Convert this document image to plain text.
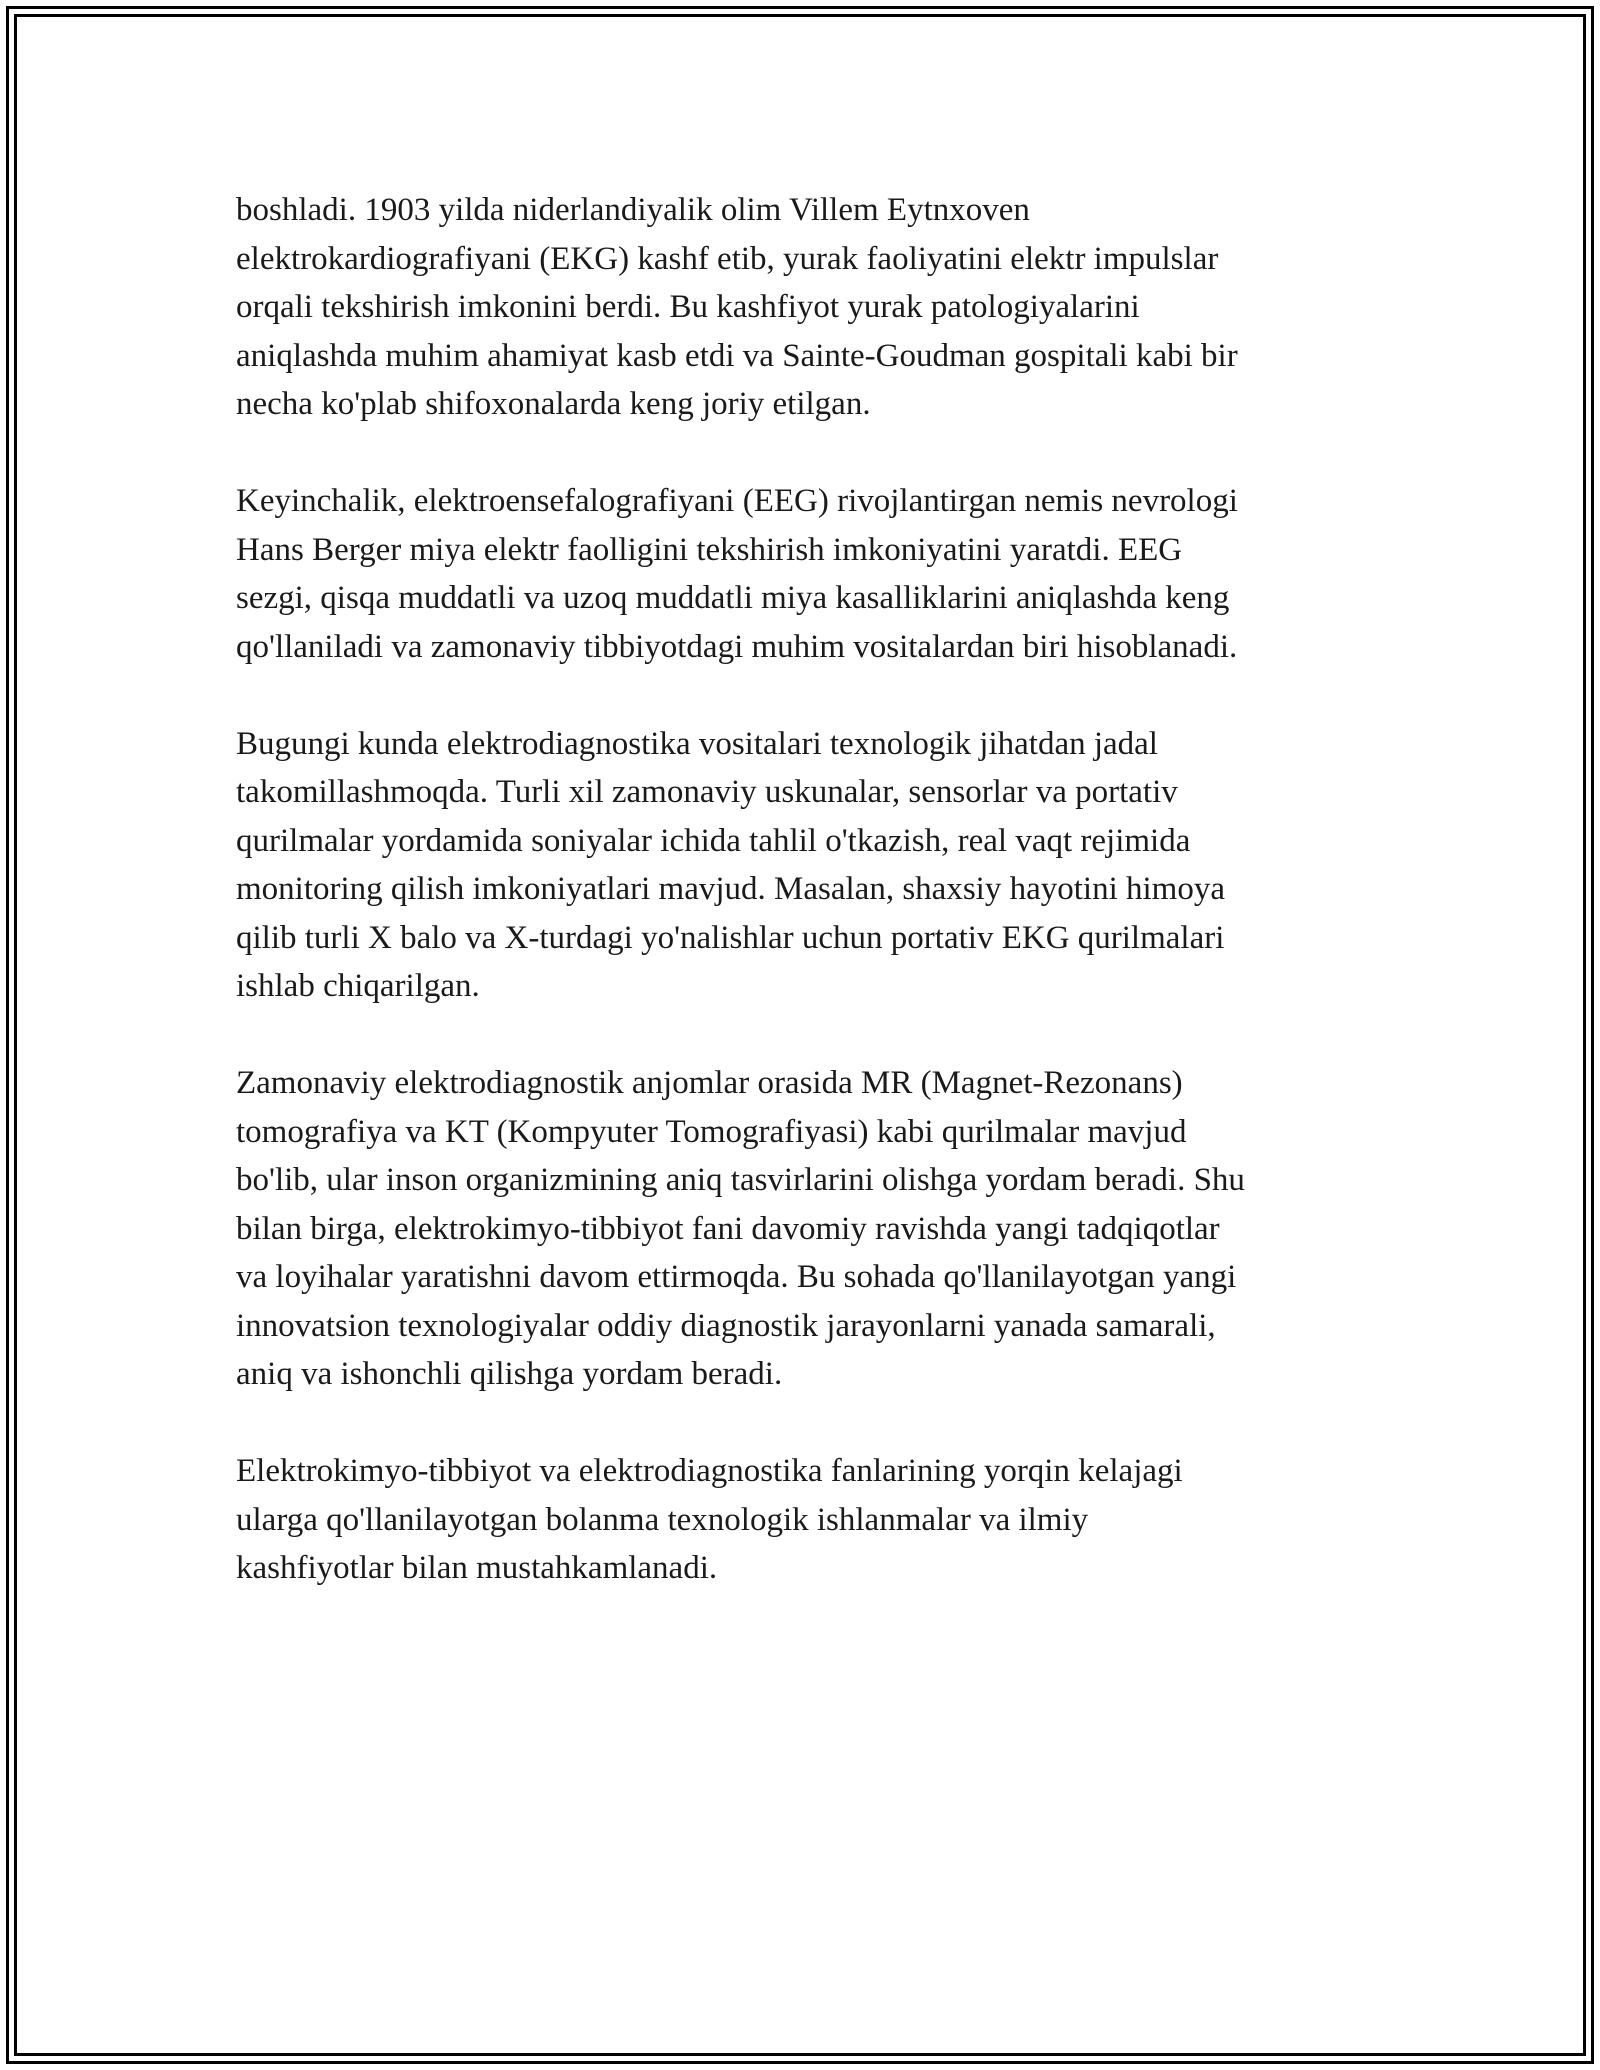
boshladi. 1903 yilda niderlandiyalik olim Villem Eytnxoven
elektrokardiografiyani (EKG) kashf etib, yurak faoliyatini elektr impulslar
orqali tekshirish imkonini berdi. Bu kashfiyot yurak patologiyalarini
aniqlashda muhim ahamiyat kasb etdi va Sainte-Goudman gospitali kabi bir
necha ko'plab shifoxonalarda keng joriy etilgan.

Keyinchalik, elektroensefalografiyani (EEG) rivojlantirgan nemis nevrologi
Hans Berger miya elektr faolligini tekshirish imkoniyatini yaratdi. EEG
sezgi, qisqa muddatli va uzoq muddatli miya kasalliklarini aniqlashda keng
qo'llaniladi va zamonaviy tibbiyotdagi muhim vositalardan biri hisoblanadi.

Bugungi kunda elektrodiagnostika vositalari texnologik jihatdan jadal
takomillashmoqda. Turli xil zamonaviy uskunalar, sensorlar va portativ
qurilmalar yordamida soniyalar ichida tahlil o'tkazish, real vaqt rejimida
monitoring qilish imkoniyatlari mavjud. Masalan, shaxsiy hayotini himoya
qilib turli X balo va X-turdagi yo'nalishlar uchun portativ EKG qurilmalari
ishlab chiqarilgan.

Zamonaviy elektrodiagnostik anjomlar orasida MR (Magnet-Rezonans)
tomografiya va KT (Kompyuter Tomografiyasi) kabi qurilmalar mavjud
bo'lib, ular inson organizmining aniq tasvirlarini olishga yordam beradi. Shu
bilan birga, elektrokimyo-tibbiyot fani davomiy ravishda yangi tadqiqotlar
va loyihalar yaratishni davom ettirmoqda. Bu sohada qo'llanilayotgan yangi
innovatsion texnologiyalar oddiy diagnostik jarayonlarni yanada samarali,
aniq va ishonchli qilishga yordam beradi.

Elektrokimyo-tibbiyot va elektrodiagnostika fanlarining yorqin kelajagi
ularga qo'llanilayotgan bolanma texnologik ishlanmalar va ilmiy
kashfiyotlar bilan mustahkamlanadi.
